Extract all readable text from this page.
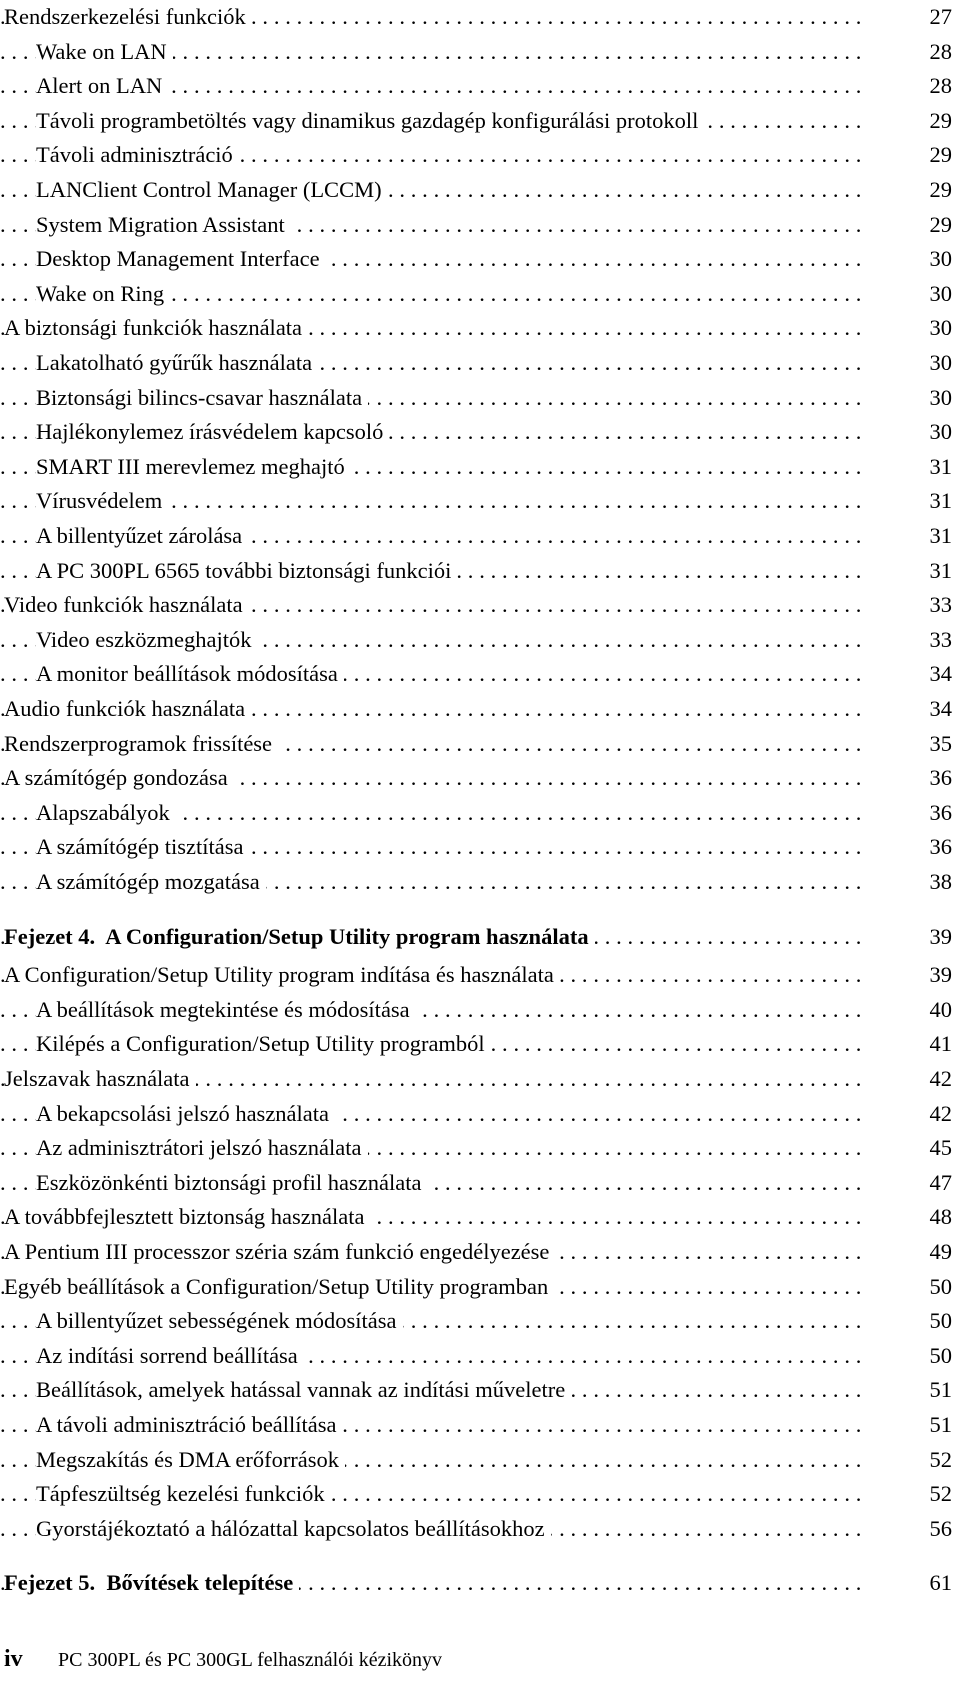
. . .
Rendszerkezelési funkciók	27
. . .
Wake on LAN	28
. . .
Alert on LAN	28
. . .
Távoli programbetöltés vagy dinamikus gazdagép konfigurálási protokoll	29
. . .
Távoli adminisztráció	29
. . .
LANClient Control Manager (LCCM)	29
. . .
System Migration Assistant	29
. . .
Desktop Management Interface	30
. . .
Wake on Ring	30
. . .
A biztonsági funkciók használata	30
. . .
Lakatolható gyűrűk használata	30
. . .
Biztonsági bilincs-csavar használata	30
. . .
Hajlékonylemez írásvédelem kapcsoló	30
. . .
SMART III merevlemez meghajtó	31
. . .
Vírusvédelem	31
. . .
A billentyűzet zárolása	31
. . .
A PC 300PL 6565 további biztonsági funkciói	31
. . .
Video funkciók használata	33
. . .
Video eszközmeghajtók	33
. . .
A monitor beállítások módosítása	34
. . .
Audio funkciók használata	34
. . .
Rendszerprogramok frissítése	35
. . .
A számítógép gondozása	36
. . .
Alapszabályok	36
. . .
A számítógép tisztítása	36
. . .
A számítógép mozgatása	38
. . .
Fejezet 4. A Configuration/Setup Utility program használata	39
. . .
A Configuration/Setup Utility program indítása és használata	39
. . .
A beállítások megtekintése és módosítása	40
. . .
Kilépés a Configuration/Setup Utility programból	41
. . .
Jelszavak használata	42
. . .
A bekapcsolási jelszó használata	42
. . .
Az adminisztrátori jelszó használata	45
. . .
Eszközönkénti biztonsági profil használata	47
. . .
A továbbfejlesztett biztonság használata	48
. . .
A Pentium III processzor széria szám funkció engedélyezése	49
. . .
Egyéb beállítások a Configuration/Setup Utility programban	50
. . .
A billentyűzet sebességének módosítása	50
. . .
Az indítási sorrend beállítása	50
. . .
Beállítások, amelyek hatással vannak az indítási műveletre	51
. . .
A távoli adminisztráció beállítása	51
. . .
Megszakítás és DMA erőforrások	52
. . .
Tápfeszültség kezelési funkciók	52
. . .
Gyorstájékoztató a hálózattal kapcsolatos beállításokhoz	56
. . .
Fejezet 5. Bővítések telepítése	61
iv PC 300PL és PC 300GL felhasználói kézikönyv
